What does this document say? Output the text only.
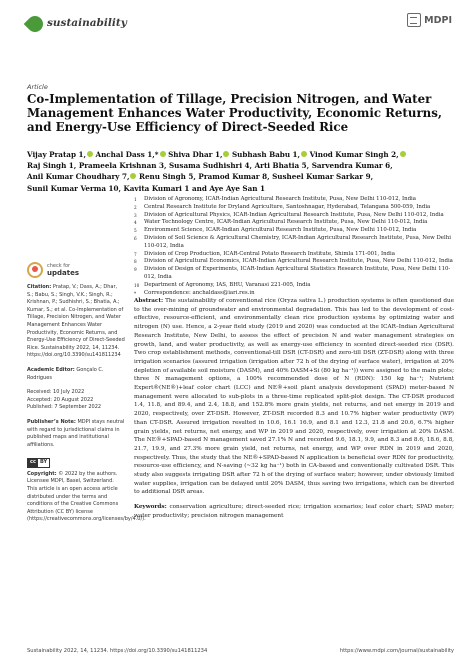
sustainability	MDPI
Article
Co-Implementation of Tillage, Precision Nitrogen, and Water Management Enhances Water Productivity, Economic Returns, and Energy-Use Efficiency of Direct-Seeded Rice
Vijay Pratap 1, Anchal Dass 1,* Shiva Dhar 1, Subhash Babu 1, Vinod Kumar Singh 2, Raj Singh 1, Prameela Krishnan 3, Susama Sudhishri 4, Arti Bhatia 5, Sarvendra Kumar 6, Anil Kumar Choudhary 7, Renu Singh 5, Pramod Kumar 8, Susheel Kumar Sarkar 9, Sunil Kumar Verma 10, Kavita Kumari 1 and Aye Aye San 1
1	Division of Agronomy, ICAR-Indian Agricultural Research Institute, Pusa, New Delhi 110-012, India
2	Central Research Institute for Dryland Agriculture, Santoshnagar, Hyderabad, Telangana 500-059, India
3	Division of Agricultural Physics, ICAR-Indian Agricultural Research Institute, Pusa, New Delhi 110-012, India
4	Water Technology Centre, ICAR-Indian Agricultural Research Institute, Pusa, New Delhi 110-012, India
5	Environment Science, ICAR-Indian Agricultural Research Institute, Pusa, New Delhi 110-012, India
6	Division of Soil Science & Agricultural Chemistry, ICAR-Indian Agricultural Research Institute, Pusa, New Delhi 110-012, India
7	Division of Crop Production, ICAR-Central Potato Research Institute, Shimla 171-001, India
8	Division of Agricultural Economics, ICAR-Indian Agricultural Research Institute, Pusa, New Delhi 110-012, India
9	Division of Design of Experiments, ICAR-Indian Agricultural Statistics Research Institute, Pusa, New Delhi 110-012, India
10 Department of Agronomy, IAS, BHU, Varanasi 221-005, India
*	Correspondence: anchaldass@iari.res.in
check for
updates
Citation: Pratap, V.; Dass, A.; Dhar, S.; Babu, S.; Singh, V.K.; Singh, R.; Krishnan, P.; Sudhishri, S.; Bhatia, A.; Kumar, S.; et al. Co-Implementation of Tillage, Precision Nitrogen, and Water Management Enhances Water Productivity, Economic Returns, and Energy-Use Efficiency of Direct-Seeded Rice. Sustainability 2022, 14, 11234. https://doi.org/10.3390/su141811234
Academic Editor: Gonçalo C. Rodrigues
Received: 10 July 2022
Accepted: 20 August 2022
Published: 7 September 2022
Publisher’s Note: MDPI stays neutral with regard to jurisdictional claims in published maps and institutional affiliations.
cc BY
Copyright: © 2022 by the authors. Licensee MDPI, Basel, Switzerland. This article is an open access article distributed under the terms and conditions of the Creative Commons Attribution (CC BY) license (https://creativecommons.org/licenses/by/4.0/).

Abstract: The sustainability of conventional rice (Oryza sativa L.) production systems is often questioned due to the over-mining of groundwater and environmental degradation. This has led to the development of cost-effective, resource-efficient, and environmentally clean rice production systems by optimizing water and nitrogen (N) use. Hence, a 2-year field study (2019 and 2020) was conducted at the ICAR–Indian Agricultural Research Institute, New Delhi, to assess the effect of precision N and water management strategies on growth, land, and water productivity, as well as energy-use efficiency in scented direct-seeded rice (DSR). Two crop establishment methods, conventional-till DSR (CT-DSR) and zero-till DSR (ZT-DSR) along with three irrigation scenarios (assured irrigation (irrigation after 72 h of the drying of surface water), irrigation at 20% depletion of available soil moisture (DASM), and 40% DASM+Si (80 kg ha⁻¹)) were assigned to the main plots; three N management options, a 100% recommended dose of N (RDN): 150 kg ha⁻¹; Nutrient Expert®(NE®)+leaf color chart (LCC) and NE®+soil plant analysis development (SPAD) meter-based N management were allocated to sub-plots in a three-time replicated split-plot design. The CT-DSR produced 1.4, 11.8, and 89.4, and 2.4, 18.8, and 152.8% more grain yields, net returns, and net energy in 2019 and 2020, respectively, over ZT-DSR. However, ZT-DSR recorded 8.3 and 10.7% higher water productivity (WP) than CT-DSR. Assured irrigation resulted in 10.6, 16.1 16.9, and 8.1 and 12.3, 21.8 and 20.6, 6.7% higher grain yields, net returns, net energy, and WP in 2019 and 2020, respectively, over irrigation at 20% DASM. The NE®+SPAD-based N management saved 27.1% N and recorded 9.6, 18.1, 9.9, and 8.3 and 8.6, 18.6, 8.8, 21.7, 19.9, and 27.3% more grain yield, net returns, net energy, and WP over RDN in 2019 and 2020, respectively. Thus, the study that the NE®+SPAD-based N application is beneficial over RDN for productivity, resource-use efficiency, and N-saving (~32 kg ha⁻¹) both in CA-based and conventionally cultivated DSR. This study also suggests irrigating DSR after 72 h of the drying of surface water; however, under obviously limited water supplies, irrigation can be delayed until 20% DASM, thus saving two irrigations, which can be diverted to additional DSR areas.

Keywords: conservation agriculture; direct-seeded rice; irrigation scenarios; leaf color chart; SPAD meter; water productivity; precision nitrogen management

Sustainability 2022, 14, 11234. https://doi.org/10.3390/su141811234	https://www.mdpi.com/journal/sustainability
